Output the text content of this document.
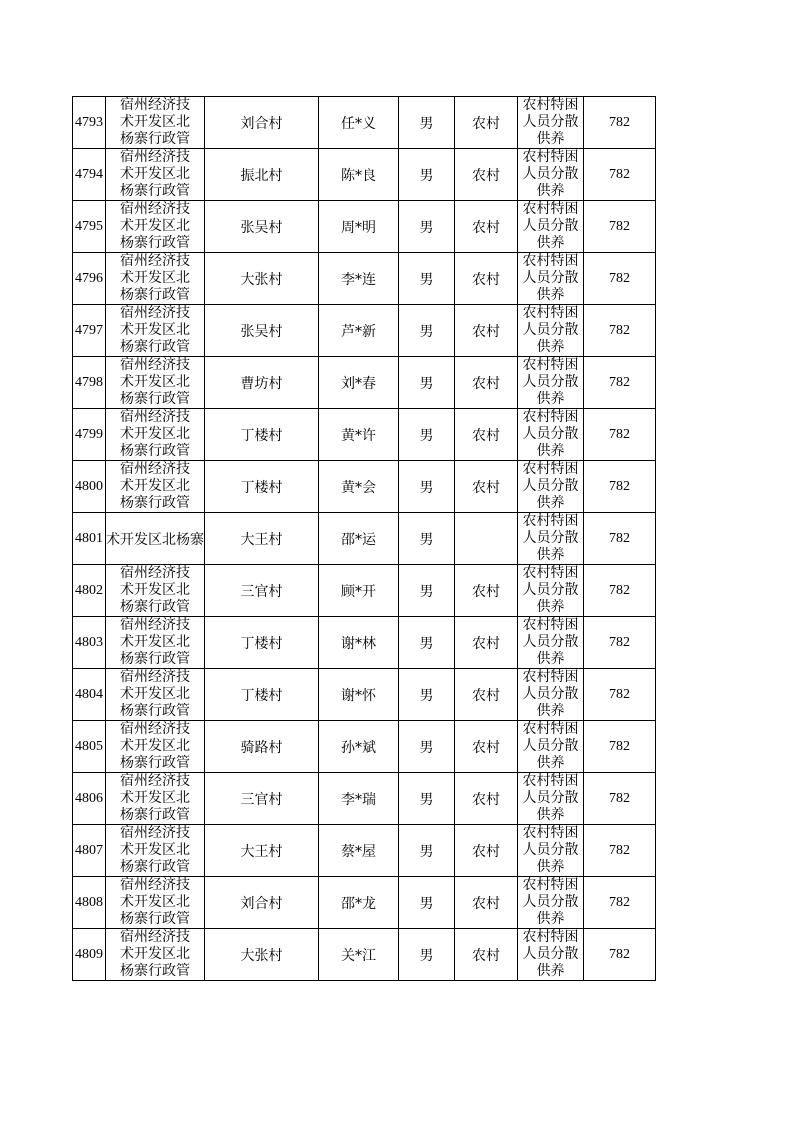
4793	宿州经济技
术开发区北
杨寨行政管	刘合村	任*义	男	农村	农村特困
人员分散
供养	782
4794	宿州经济技
术开发区北
杨寨行政管	振北村	陈*良	男	农村	农村特困
人员分散
供养	782
4795	宿州经济技
术开发区北
杨寨行政管	张吴村	周*明	男	农村	农村特困
人员分散
供养	782
4796	宿州经济技
术开发区北
杨寨行政管	大张村	李*连	男	农村	农村特困
人员分散
供养	782
4797	宿州经济技
术开发区北
杨寨行政管	张吴村	芦*新	男	农村	农村特困
人员分散
供养	782
4798	宿州经济技
术开发区北
杨寨行政管	曹坊村	刘*春	男	农村	农村特困
人员分散
供养	782
4799	宿州经济技
术开发区北
杨寨行政管	丁楼村	黄*许	男	农村	农村特困
人员分散
供养	782
4800	宿州经济技
术开发区北
杨寨行政管	丁楼村	黄*会	男	农村	农村特困
人员分散
供养	782
4801	术开发区北杨寨	大王村	邵*运	男		农村特困
人员分散
供养	782
4802	宿州经济技
术开发区北
杨寨行政管	三官村	顾*开	男	农村	农村特困
人员分散
供养	782
4803	宿州经济技
术开发区北
杨寨行政管	丁楼村	谢*林	男	农村	农村特困
人员分散
供养	782
4804	宿州经济技
术开发区北
杨寨行政管	丁楼村	谢*怀	男	农村	农村特困
人员分散
供养	782
4805	宿州经济技
术开发区北
杨寨行政管	骑路村	孙*斌	男	农村	农村特困
人员分散
供养	782
4806	宿州经济技
术开发区北
杨寨行政管	三官村	李*瑞	男	农村	农村特困
人员分散
供养	782
4807	宿州经济技
术开发区北
杨寨行政管	大王村	蔡*屋	男	农村	农村特困
人员分散
供养	782
4808	宿州经济技
术开发区北
杨寨行政管	刘合村	邵*龙	男	农村	农村特困
人员分散
供养	782
4809	宿州经济技
术开发区北
杨寨行政管	大张村	关*江	男	农村	农村特困
人员分散
供养	782
